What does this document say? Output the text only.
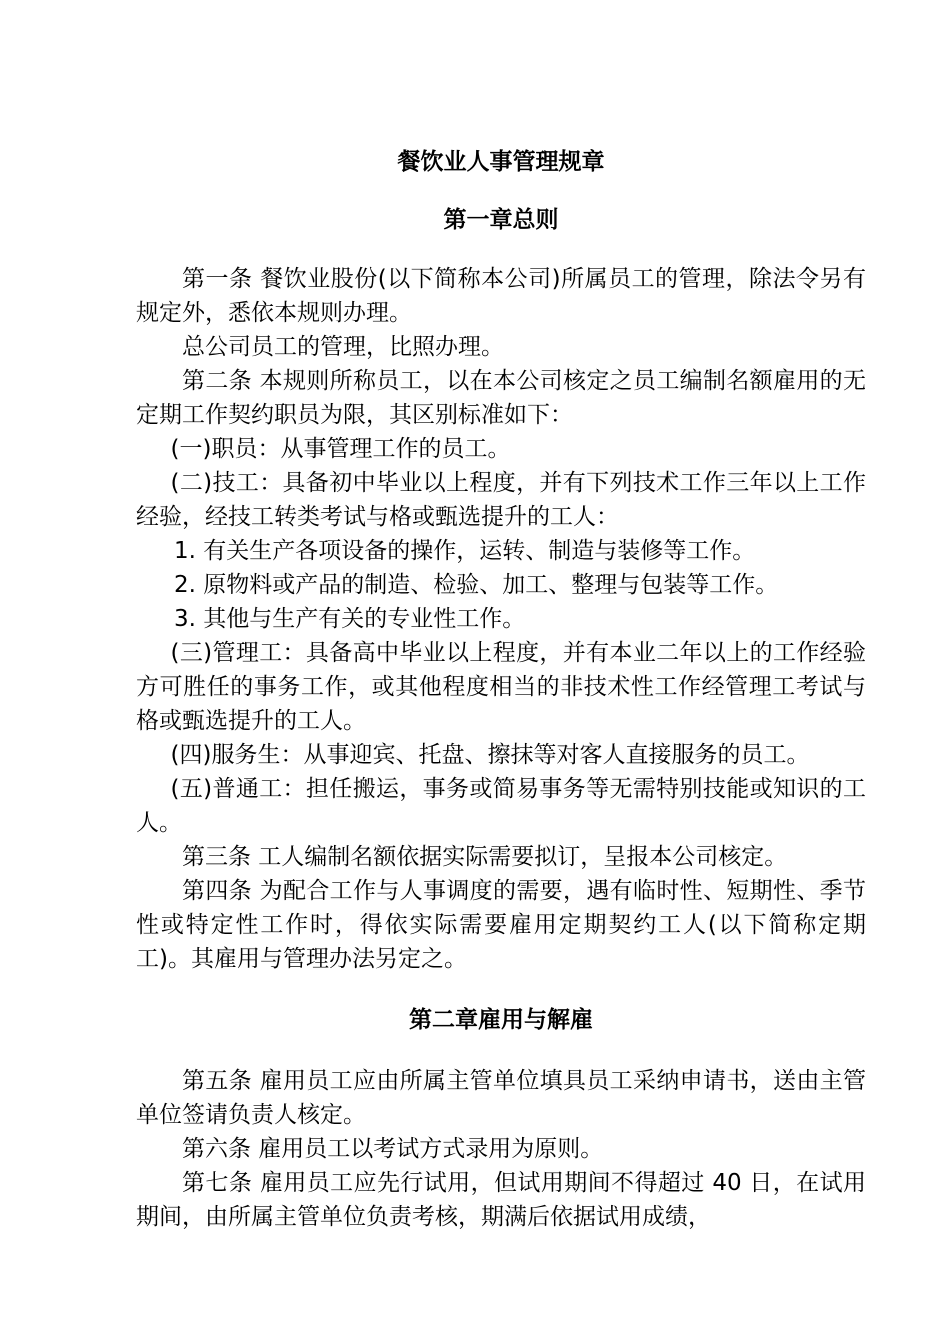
餐饮业人事管理规章
第一章总则

第一条 餐饮业股份(以下简称本公司)所属员工的管理，除法令另有规定外，悉依本规则办理。

总公司员工的管理，比照办理。

第二条 本规则所称员工，以在本公司核定之员工编制名额雇用的无定期工作契约职员为限，其区别标准如下：

(一)职员：从事管理工作的员工。

(二)技工：具备初中毕业以上程度，并有下列技术工作三年以上工作经验，经技工转类考试与格或甄选提升的工人：

1. 有关生产各项设备的操作，运转、制造与装修等工作。

2. 原物料或产品的制造、检验、加工、整理与包装等工作。

3. 其他与生产有关的专业性工作。

(三)管理工：具备高中毕业以上程度，并有本业二年以上的工作经验方可胜任的事务工作，或其他程度相当的非技术性工作经管理工考试与格或甄选提升的工人。

(四)服务生：从事迎宾、托盘、擦抹等对客人直接服务的员工。

(五)普通工：担任搬运，事务或简易事务等无需特别技能或知识的工人。

第三条 工人编制名额依据实际需要拟订，呈报本公司核定。

第四条 为配合工作与人事调度的需要，遇有临时性、短期性、季节性或特定性工作时，得依实际需要雇用定期契约工人(以下简称定期工)。其雇用与管理办法另定之。

第二章雇用与解雇

第五条 雇用员工应由所属主管单位填具员工采纳申请书，送由主管单位签请负责人核定。

第六条 雇用员工以考试方式录用为原则。

第七条 雇用员工应先行试用，但试用期间不得超过 40 日，在试用期间，由所属主管单位负责考核，期满后依据试用成绩，
